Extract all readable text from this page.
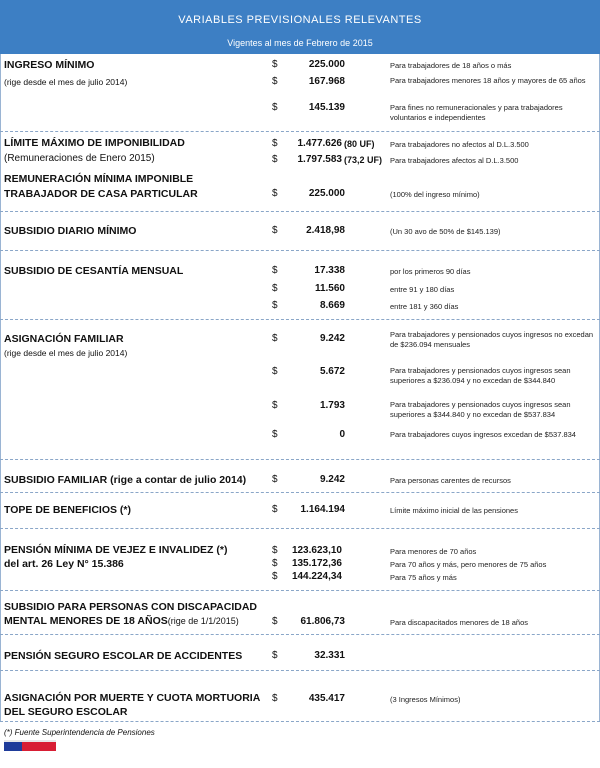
VARIABLES PREVISIONALES RELEVANTES
Vigentes al mes de Febrero de 2015
INGRESO MÍNIMO
(rige desde el mes de julio 2014)
$	225.000	Para trabajadores de 18 años o más
$	167.968	Para trabajadores menores 18 años y mayores de 65 años
$	145.139	Para fines no remuneracionales y para trabajadores voluntarios e independientes
LÍMITE MÁXIMO DE IMPONIBILIDAD
(Remuneraciones de Enero 2015)
$ 1.477.626 (80 UF) Para trabajadores no afectos al D.L.3.500
$ 1.797.583 (73,2 UF) Para trabajadores afectos al D.L.3.500
REMUNERACIÓN MÍNIMA IMPONIBLE
TRABAJADOR DE CASA PARTICULAR	$	225.000	(100% del ingreso mínimo)
SUBSIDIO DIARIO MÍNIMO	$	2.418,98	(Un 30 avo de 50% de $145.139)
SUBSIDIO DE CESANTÍA MENSUAL	$	17.338	por los primeros 90 días
$	11.560	entre 91 y 180 días
$	8.669	entre 181 y 360 días
ASIGNACIÓN FAMILIAR
(rige desde el mes de julio 2014)
$	9.242	Para trabajadores y pensionados cuyos ingresos no excedan de $236.094 mensuales
$	5.672	Para trabajadores y pensionados cuyos ingresos sean superiores a $236.094 y no excedan de $344.840
$	1.793	Para trabajadores y pensionados cuyos ingresos sean superiores a $344.840 y no excedan de $537.834
$	0	Para trabajadores cuyos ingresos excedan de $537.834
SUBSIDIO FAMILIAR (rige a contar de julio 2014)	$	9.242	Para personas carentes de recursos
TOPE DE BENEFICIOS (*)	$ 1.164.194	Límite máximo inicial de las pensiones
PENSIÓN MÍNIMA DE VEJEZ E INVALIDEZ (*)
del art. 26 Ley N° 15.386
$ 123.623,10	Para menores de 70 años
$ 135.172,36	Para 70 años y más, pero menores de 75 años
$ 144.224,34	Para 75 años y más
SUBSIDIO PARA PERSONAS CON DISCAPACIDAD
MENTAL MENORES DE 18 AÑOS(rige de 1/1/2015)	$ 61.806,73	Para discapacitados menores de 18 años
PENSIÓN SEGURO ESCOLAR DE ACCIDENTES	$	32.331
ASIGNACIÓN POR MUERTE Y CUOTA MORTUORIA
DEL SEGURO ESCOLAR
$	435.417	(3 Ingresos Mínimos)
(*) Fuente Superintendencia de Pensiones
